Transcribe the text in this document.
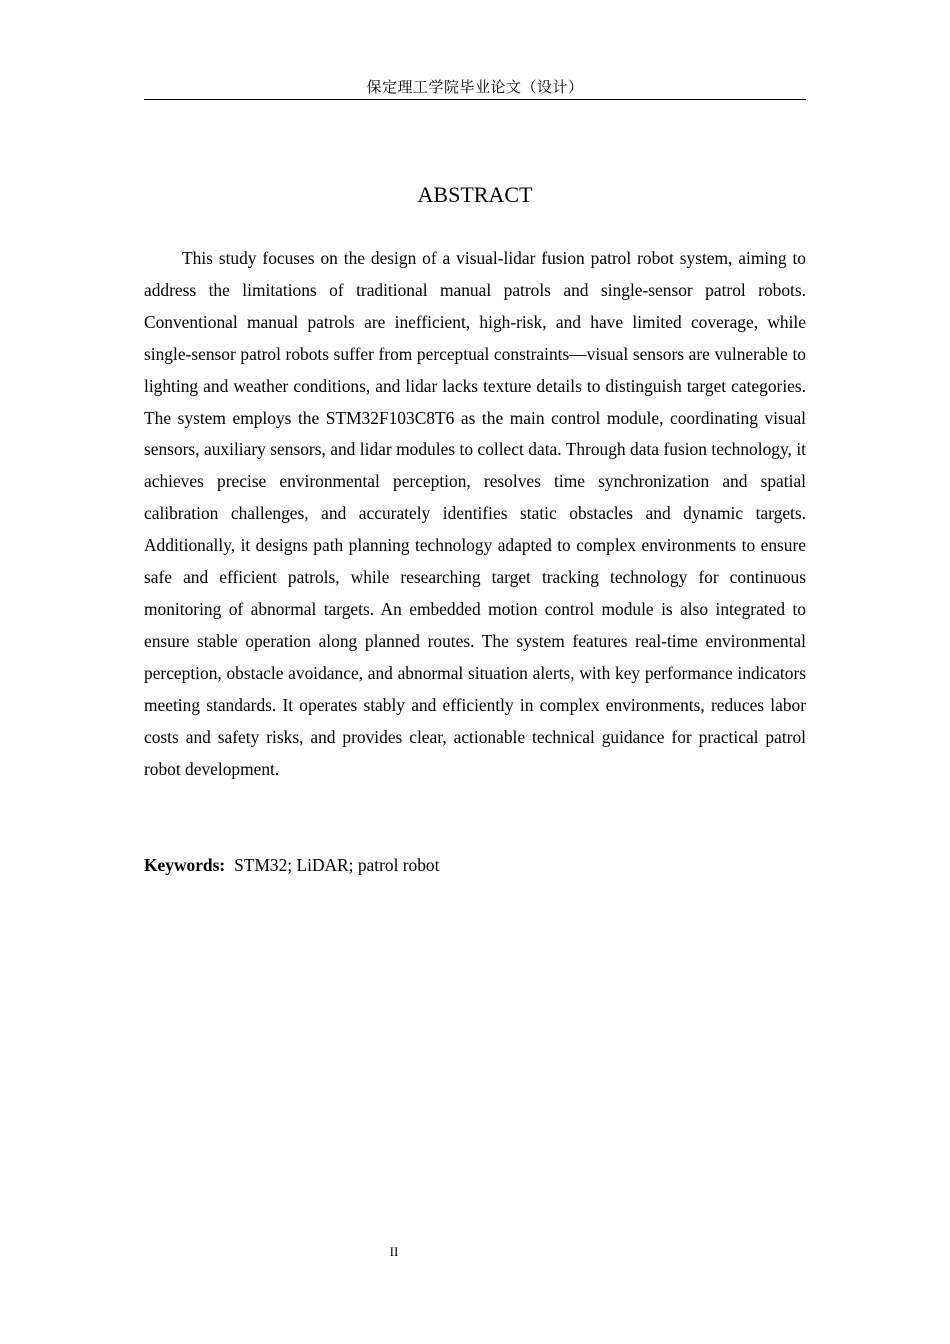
保定理工学院毕业论文（设计）
ABSTRACT

This study focuses on the design of a visual-lidar fusion patrol robot system, aiming to address the limitations of traditional manual patrols and single-sensor patrol robots. Conventional manual patrols are inefficient, high-risk, and have limited coverage, while single-sensor patrol robots suffer from perceptual constraints—visual sensors are vulnerable to lighting and weather conditions, and lidar lacks texture details to distinguish target categories. The system employs the STM32F103C8T6 as the main control module, coordinating visual sensors, auxiliary sensors, and lidar modules to collect data. Through data fusion technology, it achieves precise environmental perception, resolves time synchronization and spatial calibration challenges, and accurately identifies static obstacles and dynamic targets. Additionally, it designs path planning technology adapted to complex environments to ensure safe and efficient patrols, while researching target tracking technology for continuous monitoring of abnormal targets. An embedded motion control module is also integrated to ensure stable operation along planned routes. The system features real-time environmental perception, obstacle avoidance, and abnormal situation alerts, with key performance indicators meeting standards. It operates stably and efficiently in complex environments, reduces labor costs and safety risks, and provides clear, actionable technical guidance for practical patrol robot development.

Keywords: STM32; LiDAR; patrol robot

II
